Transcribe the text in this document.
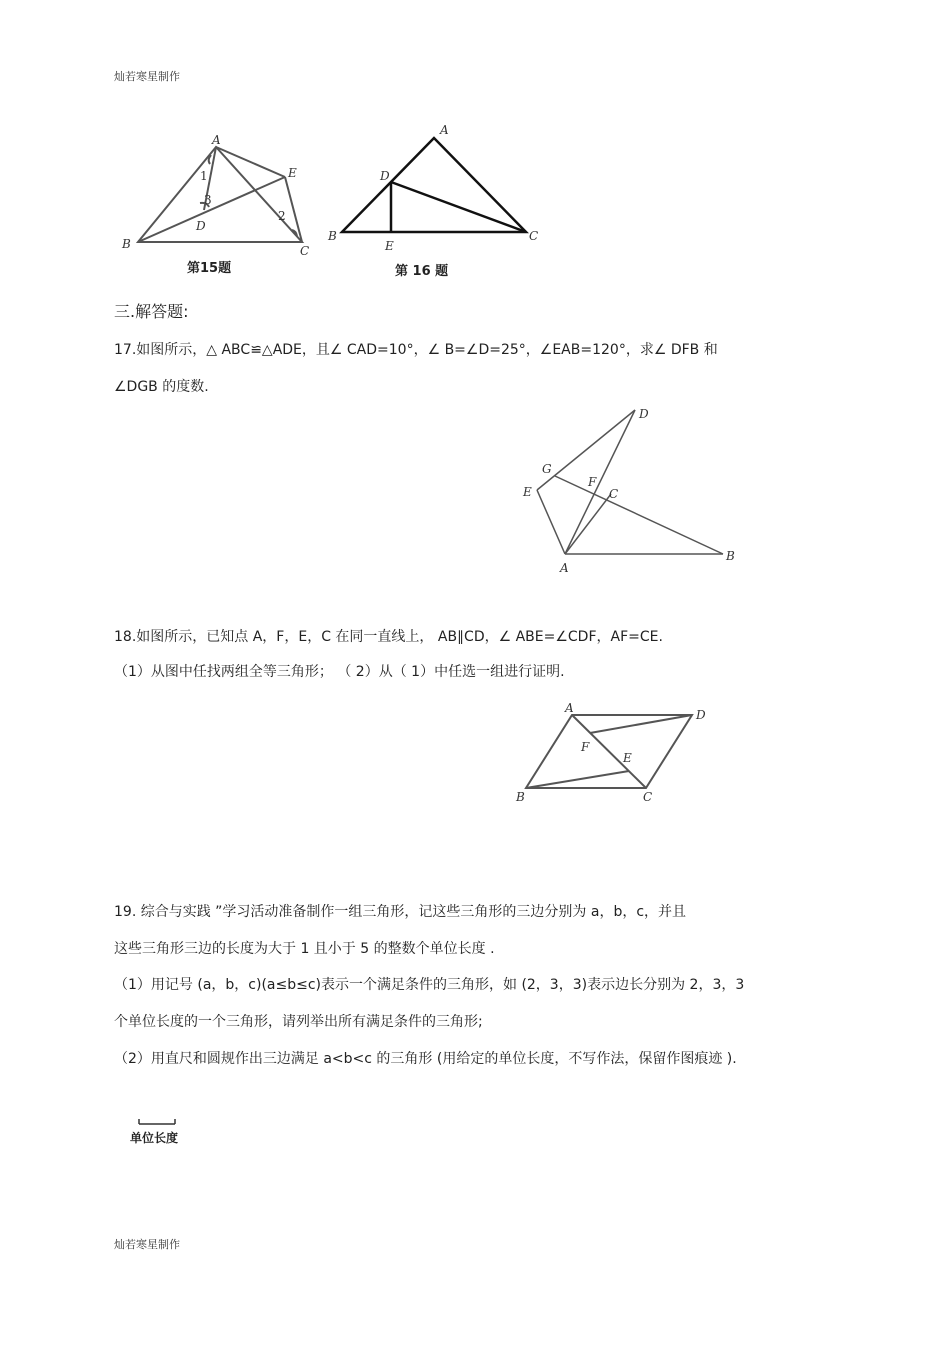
灿若寒星制作
灿若寒星制作
A
B	C
D
E
1
2
3
第15题
A
B	C
D
E
第 16 题
三.解答题:
17.如图所示，△ ABC≌△ADE，且∠ CAD=10°，∠ B=∠D=25°，∠EAB=120°，求∠ DFB 和
∠DGB 的度数.
A
B
C
D
E
F
G
18.如图所示，已知点 A，F，E，C 在同一直线上， AB∥CD，∠ ABE=∠CDF，AF=CE.
（1）从图中任找两组全等三角形； （ 2）从（ 1）中任选一组进行证明.
A
B	C
D
E
F
19. 综合与实践 ”学习活动准备制作一组三角形，记这些三角形的三边分别为 a，b，c，并且
这些三角形三边的长度为大于 1 且小于 5 的整数个单位长度 .
（1）用记号 (a，b，c)(a≤b≤c)表示一个满足条件的三角形，如 (2，3，3)表示边长分别为 2，3，3
个单位长度的一个三角形，请列举出所有满足条件的三角形;
（2）用直尺和圆规作出三边满足 a<b<c 的三角形 (用给定的单位长度，不写作法，保留作图痕迹 ).
单位长度
